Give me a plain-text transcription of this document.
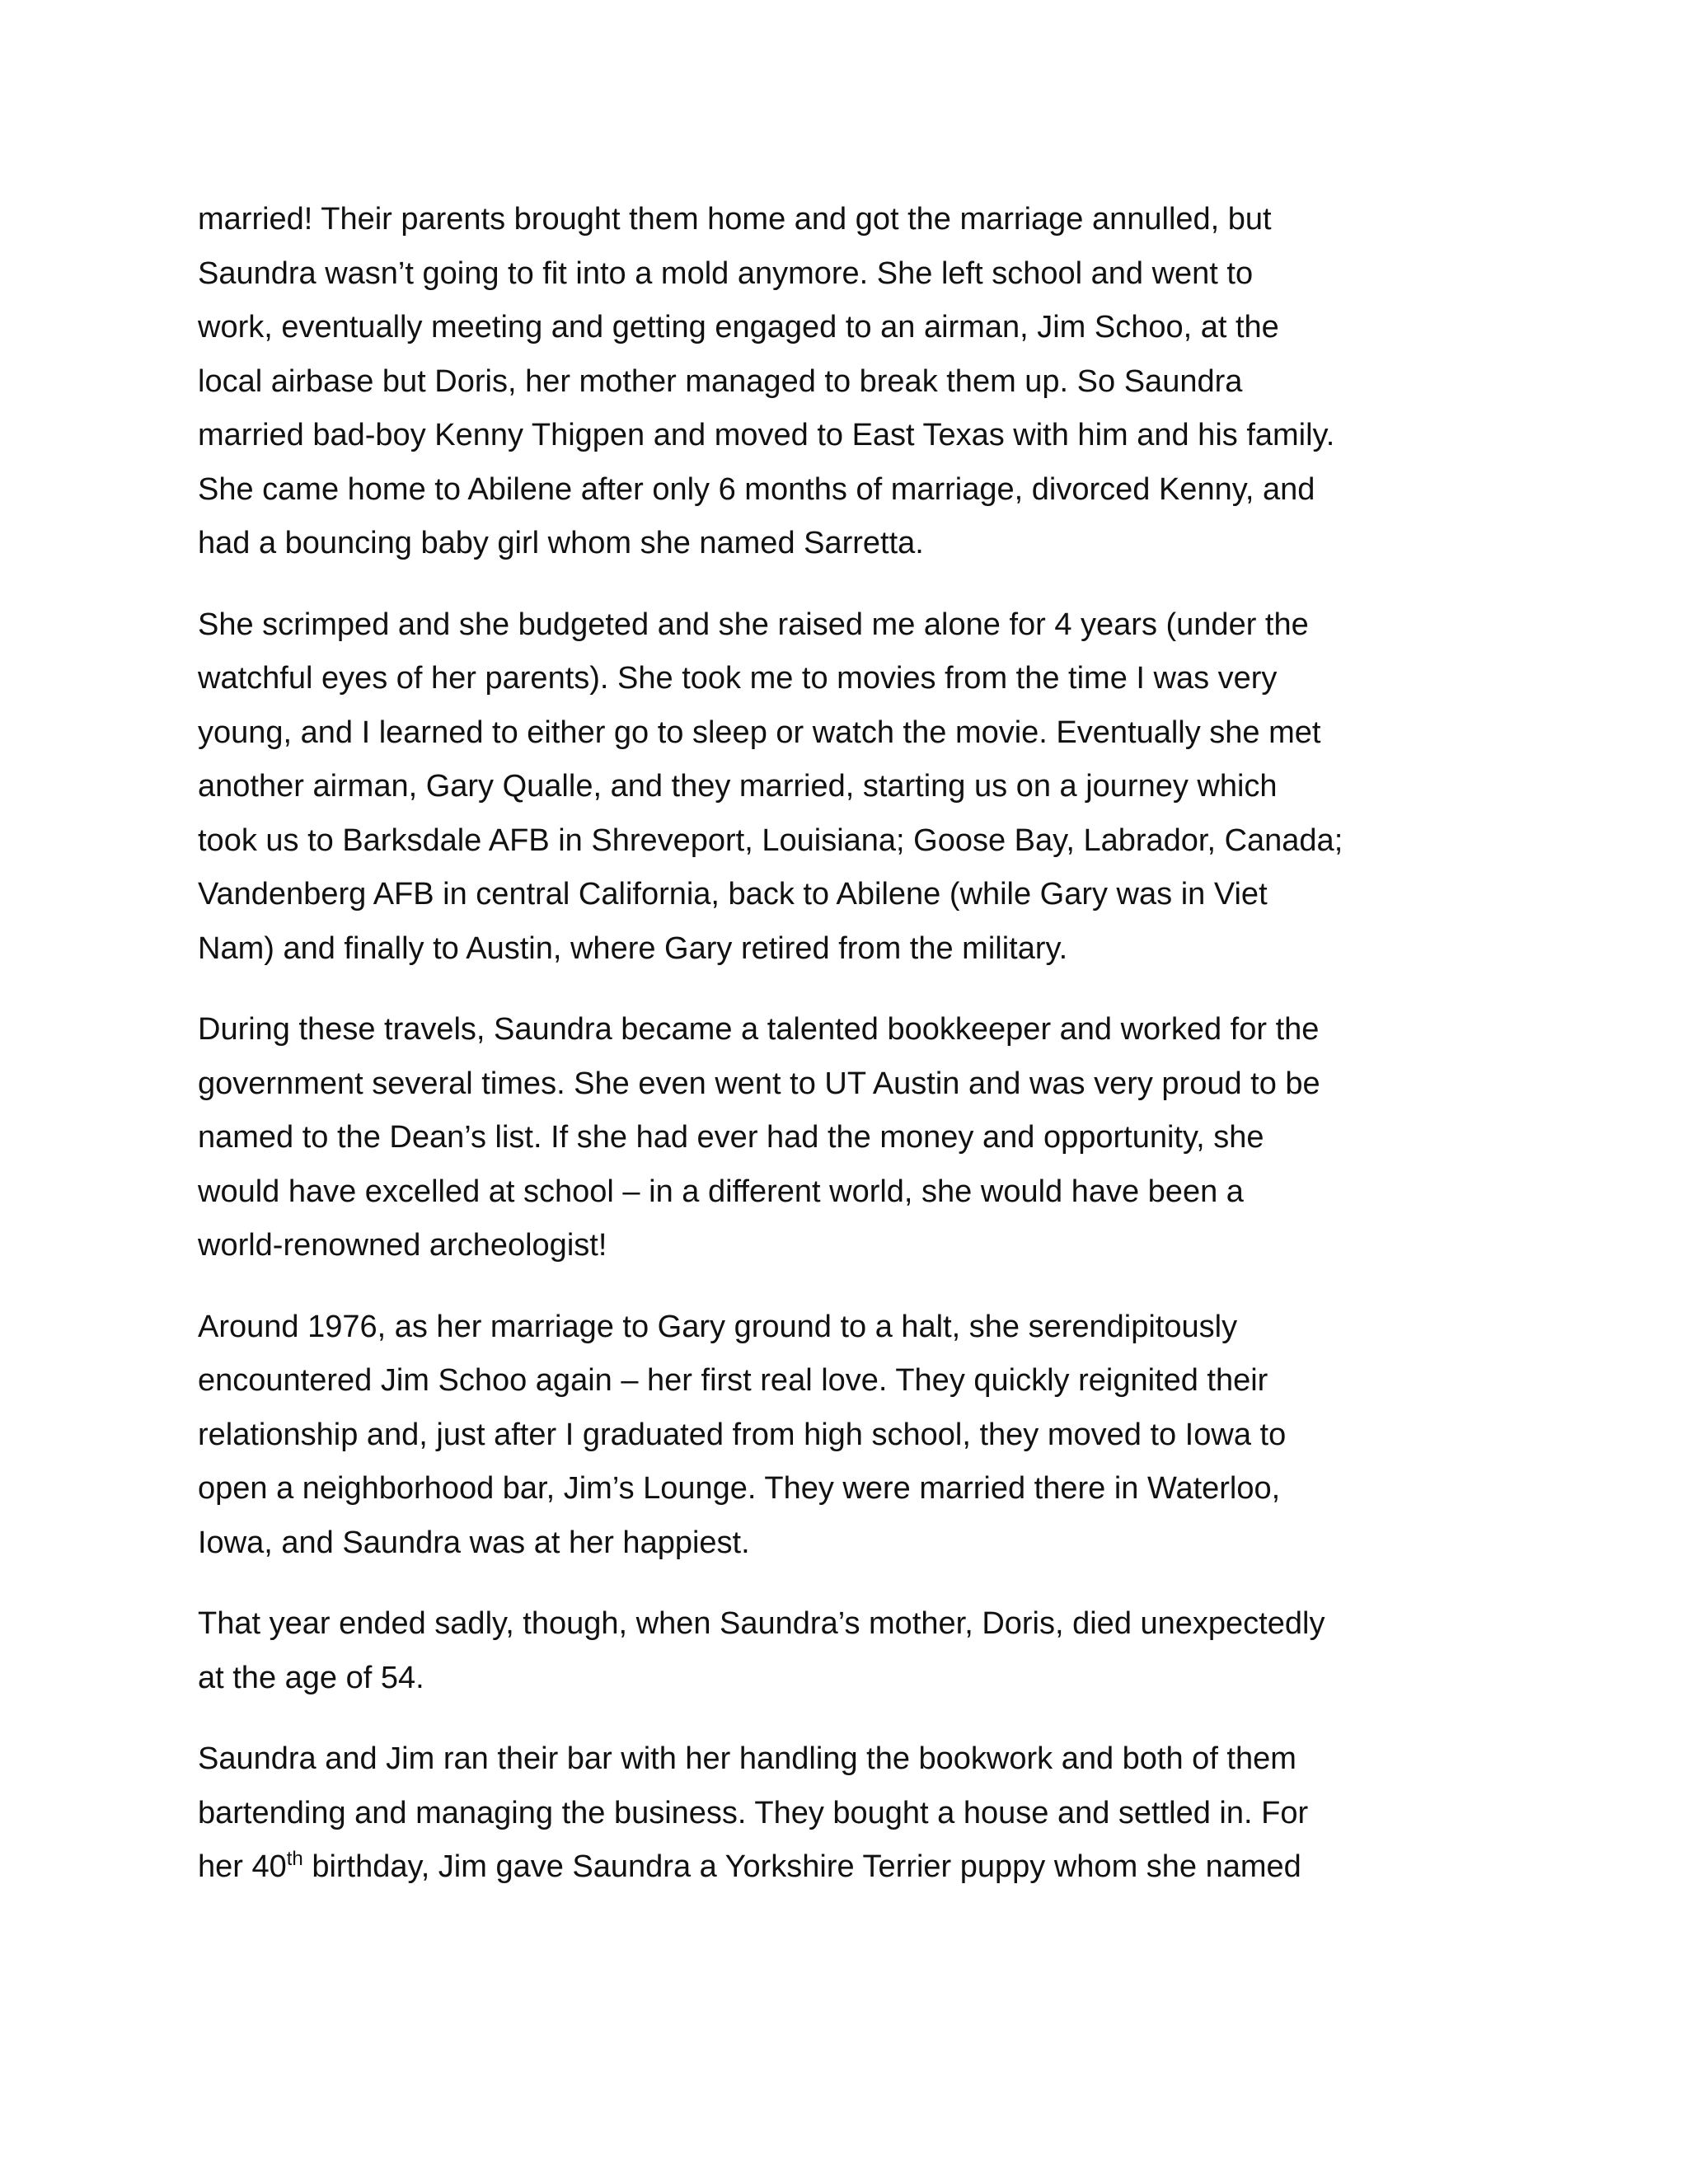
married! Their parents brought them home and got the marriage annulled, but
Saundra wasn’t going to fit into a mold anymore. She left school and went to
work, eventually meeting and getting engaged to an airman, Jim Schoo, at the
local airbase but Doris, her mother managed to break them up. So Saundra
married bad-boy Kenny Thigpen and moved to East Texas with him and his family.
She came home to Abilene after only 6 months of marriage, divorced Kenny, and
had a bouncing baby girl whom she named Sarretta.

She scrimped and she budgeted and she raised me alone for 4 years (under the
watchful eyes of her parents). She took me to movies from the time I was very
young, and I learned to either go to sleep or watch the movie. Eventually she met
another airman, Gary Qualle, and they married, starting us on a journey which
took us to Barksdale AFB in Shreveport, Louisiana; Goose Bay, Labrador, Canada;
Vandenberg AFB in central California, back to Abilene (while Gary was in Viet
Nam) and finally to Austin, where Gary retired from the military.

During these travels, Saundra became a talented bookkeeper and worked for the
government several times. She even went to UT Austin and was very proud to be
named to the Dean’s list. If she had ever had the money and opportunity, she
would have excelled at school – in a different world, she would have been a
world-renowned archeologist!

Around 1976, as her marriage to Gary ground to a halt, she serendipitously
encountered Jim Schoo again – her first real love. They quickly reignited their
relationship and, just after I graduated from high school, they moved to Iowa to
open a neighborhood bar, Jim’s Lounge. They were married there in Waterloo,
Iowa, and Saundra was at her happiest.

That year ended sadly, though, when Saundra’s mother, Doris, died unexpectedly
at the age of 54.

Saundra and Jim ran their bar with her handling the bookwork and both of them
bartending and managing the business. They bought a house and settled in. For
her 40th birthday, Jim gave Saundra a Yorkshire Terrier puppy whom she named
